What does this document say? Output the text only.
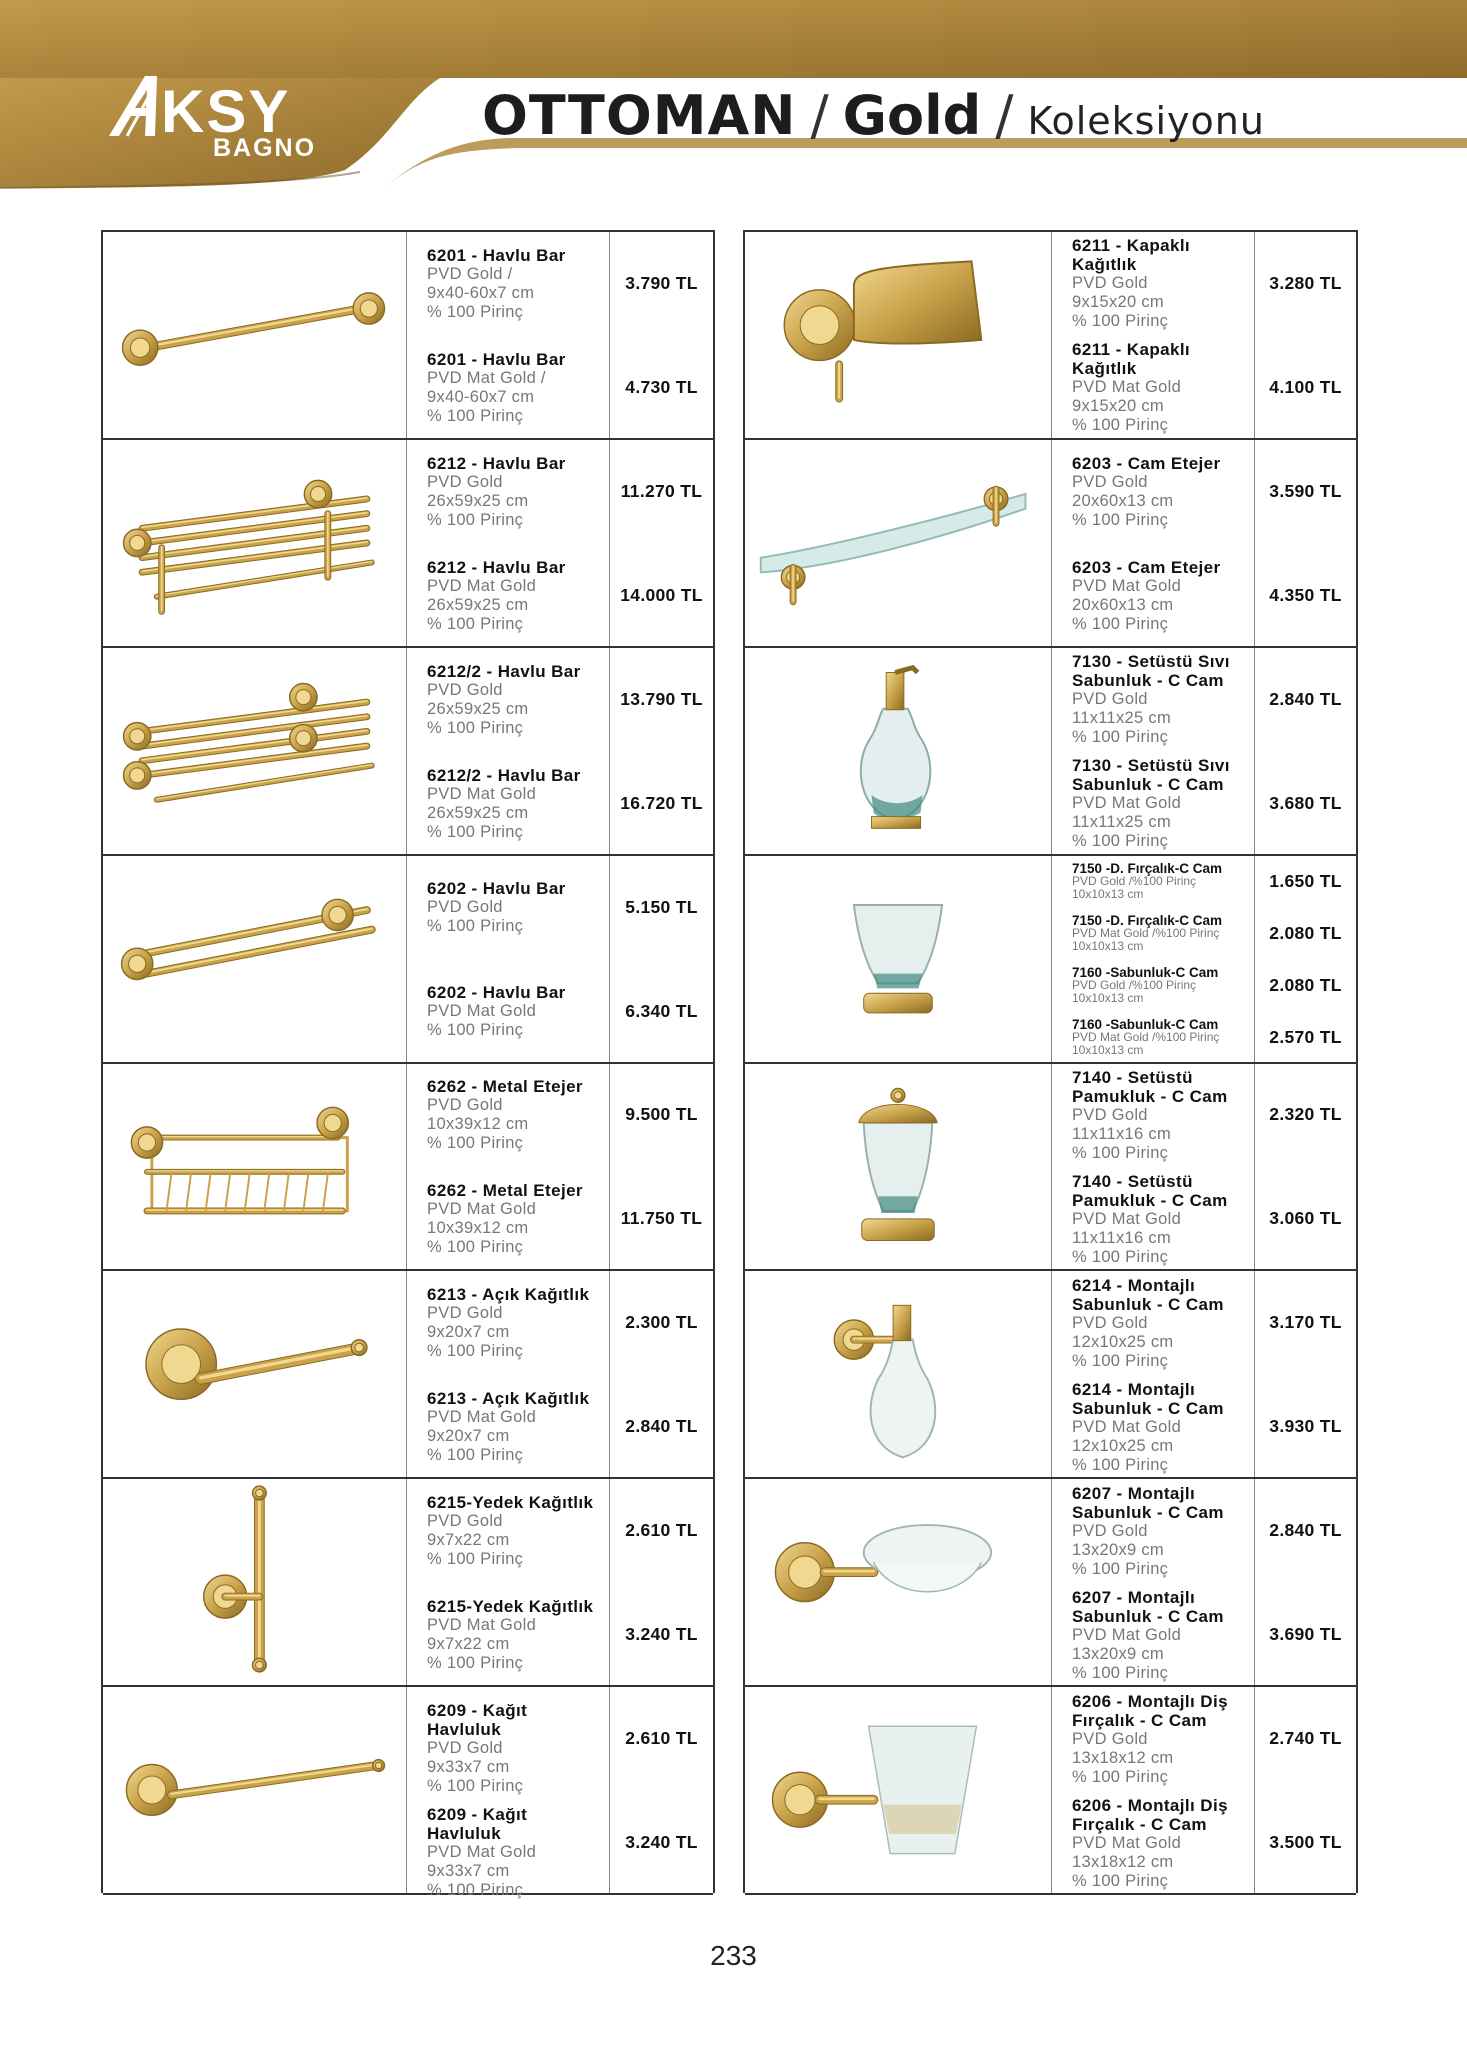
KSY
BAGNO
OTTOMAN / Gold / Koleksiyonu
6201 - Havlu Bar
PVD Gold /
9x40-60x7 cm
% 100 Pirinç
6201 - Havlu Bar
PVD Mat Gold /
9x40-60x7 cm
% 100 Pirinç
3.790 TL
4.730 TL
6212 - Havlu Bar
PVD Gold
26x59x25 cm
% 100 Pirinç
6212 - Havlu Bar
PVD Mat Gold
26x59x25 cm
% 100 Pirinç
11.270 TL
14.000 TL
6212/2 - Havlu Bar
PVD Gold
26x59x25 cm
% 100 Pirinç
6212/2 - Havlu Bar
PVD Mat Gold
26x59x25 cm
% 100 Pirinç
13.790 TL
16.720 TL
6202 - Havlu Bar
PVD Gold
% 100 Pirinç
6202 - Havlu Bar
PVD Mat Gold
% 100 Pirinç
5.150 TL
6.340 TL
6262 - Metal Etejer
PVD Gold
10x39x12 cm
% 100 Pirinç
6262 - Metal Etejer
PVD Mat Gold
10x39x12 cm
% 100 Pirinç
9.500 TL
11.750 TL
6213 - Açık Kağıtlık
PVD Gold
9x20x7 cm
% 100 Pirinç
6213 - Açık Kağıtlık
PVD Mat Gold
9x20x7 cm
% 100 Pirinç
2.300 TL
2.840 TL
6215-Yedek Kağıtlık
PVD Gold
9x7x22 cm
% 100 Pirinç
6215-Yedek Kağıtlık
PVD Mat Gold
9x7x22 cm
% 100 Pirinç
2.610 TL
3.240 TL
6209 - Kağıt Havluluk
PVD Gold
9x33x7 cm
% 100 Pirinç
6209 - Kağıt Havluluk
PVD Mat Gold
9x33x7 cm
% 100 Pirinç
2.610 TL
3.240 TL
6211 - Kapaklı Kağıtlık
PVD Gold
9x15x20 cm
% 100 Pirinç
6211 - Kapaklı Kağıtlık
PVD Mat Gold
9x15x20 cm
% 100 Pirinç
3.280 TL
4.100 TL
6203 - Cam Etejer
PVD Gold
20x60x13 cm
% 100 Pirinç
6203 - Cam Etejer
PVD Mat Gold
20x60x13 cm
% 100 Pirinç
3.590 TL
4.350 TL
7130 - Setüstü Sıvı Sabunluk - C Cam
PVD Gold
11x11x25 cm
% 100 Pirinç
7130 - Setüstü Sıvı Sabunluk - C Cam
PVD Mat Gold
11x11x25 cm
% 100 Pirinç
2.840 TL
3.680 TL
7150 -D. Fırçalık-C Cam
PVD Gold /%100 Pirinç
10x10x13 cm
7150 -D. Fırçalık-C Cam
PVD Mat Gold /%100 Pirinç
10x10x13 cm
7160 -Sabunluk-C Cam
PVD Gold /%100 Pirinç
10x10x13 cm
7160 -Sabunluk-C Cam
PVD Mat Gold /%100 Pirinç
10x10x13 cm
1.650 TL
2.080 TL
2.080 TL
2.570 TL
7140 - Setüstü Pamukluk - C Cam
PVD Gold
11x11x16 cm
% 100 Pirinç
7140 - Setüstü Pamukluk - C Cam
PVD Mat Gold
11x11x16 cm
% 100 Pirinç
2.320 TL
3.060 TL
6214 - Montajlı Sabunluk - C Cam
PVD Gold
12x10x25 cm
% 100 Pirinç
6214 - Montajlı Sabunluk - C Cam
PVD Mat Gold
12x10x25 cm
% 100 Pirinç
3.170 TL
3.930 TL
6207 - Montajlı Sabunluk - C Cam
PVD Gold
13x20x9 cm
% 100 Pirinç
6207 - Montajlı Sabunluk - C Cam
PVD Mat Gold
13x20x9 cm
% 100 Pirinç
2.840 TL
3.690 TL
6206 - Montajlı Diş Fırçalık - C Cam
PVD Gold
13x18x12 cm
% 100 Pirinç
6206 - Montajlı Diş Fırçalık - C Cam
PVD Mat Gold
13x18x12 cm
% 100 Pirinç
2.740 TL
3.500 TL
233
